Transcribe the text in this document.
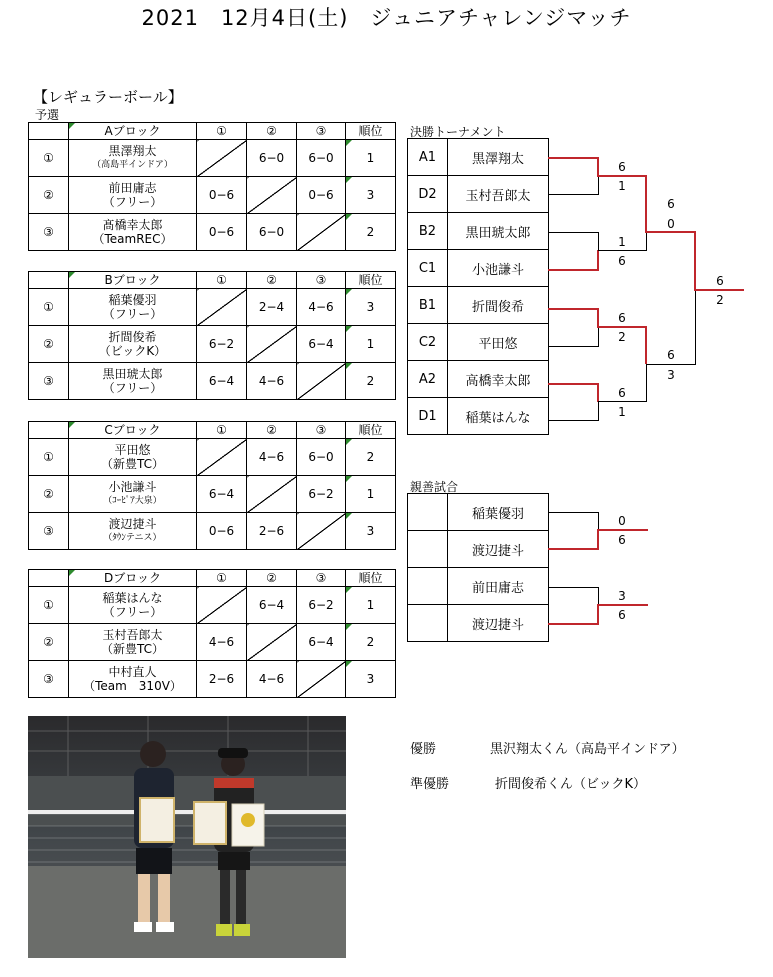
2021　12月4日(土)　ジュニアチャレンジマッチ
【レギュラーボール】
予選
	Aブロック	①	②	③	順位
①	黒澤翔太
（高島平インドア）		6−0	6−0	1
②	前田庸志
（フリー）	0−6		0−6	3
③	髙橋幸太郎
（TeamREC）	0−6	6−0		2
	Bブロック	①	②	③	順位
①	稲葉優羽
（フリー）		2−4	4−6	3
②	折間俊希
（ビックK）	6−2		6−4	1
③	黒田琥太郎
（フリー）	6−4	4−6		2
	Cブロック	①	②	③	順位
①	平田悠
（新豊TC）		4−6	6−0	2
②	小池謙斗
（ｺｰﾋﾟｱ大泉）	6−4		6−2	1
③	渡辺捷斗
（ﾀｳﾝテニス）	0−6	2−6		3
	Dブロック	①	②	③	順位
①	稲葉はんな
（フリー）		6−4	6−2	1
②	玉村吾郎太
（新豊TC）	4−6		6−4	2
③	中村直人
（Team　310V）	2−6	4−6		3
決勝トーナメント
A1	黒澤翔太
D2	玉村吾郎太
B2	黒田琥太郎
C1	小池謙斗
B1	折間俊希
C2	平田悠
A2	高橋幸太郎
D1	稲葉はんな
6
1
1
6
6
2
6
1
6
0
6
3
6
2
親善試合
	稲葉優羽
	渡辺捷斗
	前田庸志
	渡辺捷斗
0
6
3
6
優勝	黒沢翔太くん（高島平インドア）
準優勝	折間俊希くん（ビックK）
